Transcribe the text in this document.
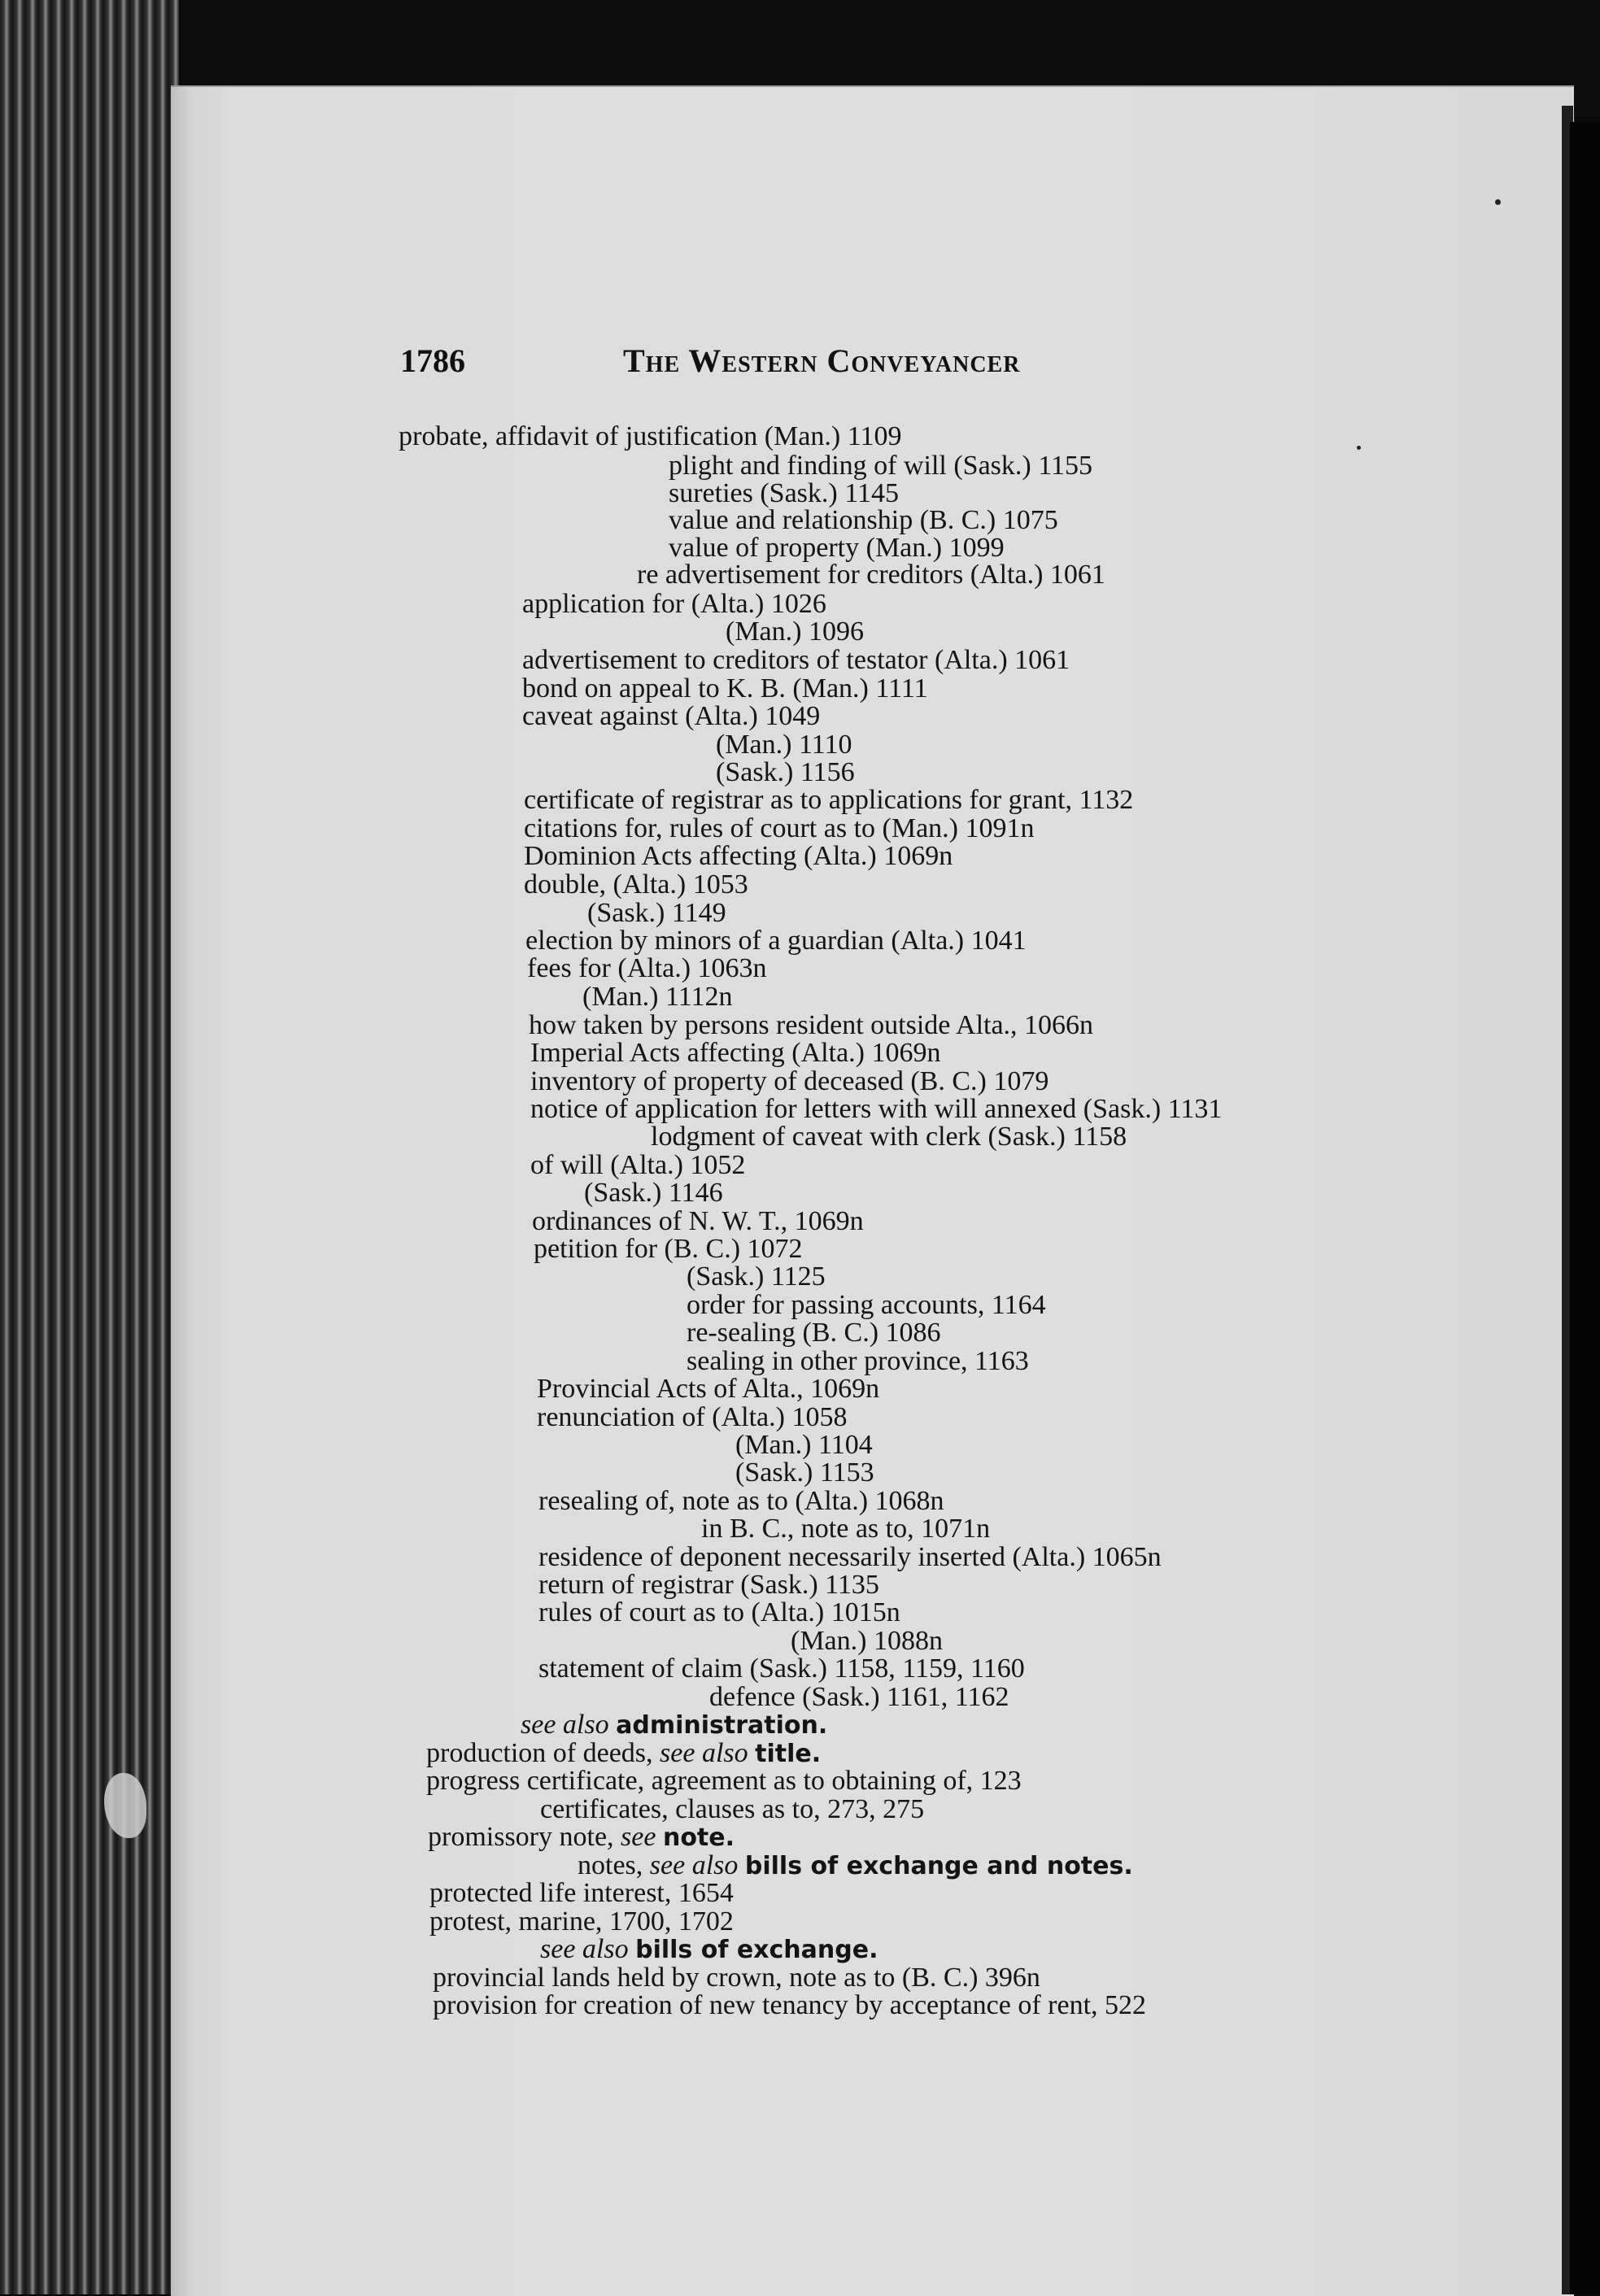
1786	The Western Conveyancer
probate, affidavit of justification (Man.) 1109
plight and finding of will (Sask.) 1155
sureties (Sask.) 1145
value and relationship (B. C.) 1075
value of property (Man.) 1099
re advertisement for creditors (Alta.) 1061
application for (Alta.) 1026
(Man.) 1096
advertisement to creditors of testator (Alta.) 1061
bond on appeal to K. B. (Man.) 1111
caveat against (Alta.) 1049
(Man.) 1110
(Sask.) 1156
certificate of registrar as to applications for grant, 1132
citations for, rules of court as to (Man.) 1091n
Dominion Acts affecting (Alta.) 1069n
double, (Alta.) 1053
(Sask.) 1149
election by minors of a guardian (Alta.) 1041
fees for (Alta.) 1063n
(Man.) 1112n
how taken by persons resident outside Alta., 1066n
Imperial Acts affecting (Alta.) 1069n
inventory of property of deceased (B. C.) 1079
notice of application for letters with will annexed (Sask.) 1131
lodgment of caveat with clerk (Sask.) 1158
of will (Alta.) 1052
(Sask.) 1146
ordinances of N. W. T., 1069n
petition for (B. C.) 1072
(Sask.) 1125
order for passing accounts, 1164
re-sealing (B. C.) 1086
sealing in other province, 1163
Provincial Acts of Alta., 1069n
renunciation of (Alta.) 1058
(Man.) 1104
(Sask.) 1153
resealing of, note as to (Alta.) 1068n
in B. C., note as to, 1071n
residence of deponent necessarily inserted (Alta.) 1065n
return of registrar (Sask.) 1135
rules of court as to (Alta.) 1015n
(Man.) 1088n
statement of claim (Sask.) 1158, 1159, 1160
defence (Sask.) 1161, 1162
see also administration.
production of deeds, see also title.
progress certificate, agreement as to obtaining of, 123
certificates, clauses as to, 273, 275
promissory note, see note.
notes, see also bills of exchange and notes.
protected life interest, 1654
protest, marine, 1700, 1702
see also bills of exchange.
provincial lands held by crown, note as to (B. C.) 396n
provision for creation of new tenancy by acceptance of rent, 522
